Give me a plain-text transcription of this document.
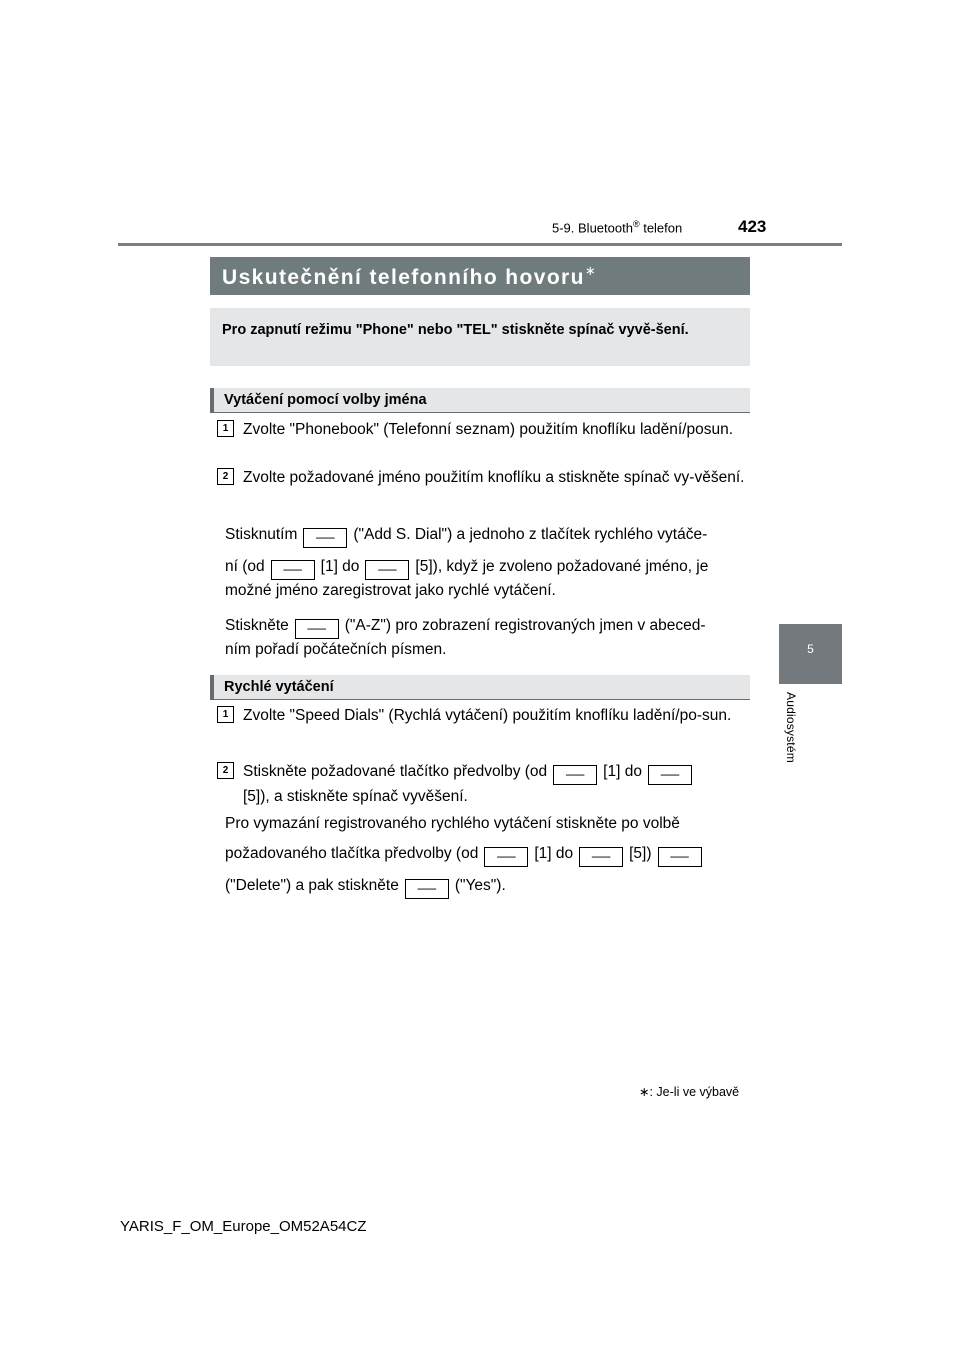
5-9. Bluetooth® telefon	423
5
Audiosystém
Uskutečnění telefonního hovoru∗
Pro zapnutí režimu "Phone" nebo "TEL" stiskněte spínač vyvě-šení.
Vytáčení pomocí volby jména
1 Zvolte "Phonebook" (Telefonní seznam) použitím knoflíku ladění/posun.
2 Zvolte požadované jméno použitím knoflíku a stiskněte spínač vy-věšení.
Stisknutím ── ("Add S. Dial") a jednoho z tlačítek rychlého vytáče-
ní (od ── [1] do ── [5]), když je zvoleno požadované jméno, je
možné jméno zaregistrovat jako rychlé vytáčení.
Stiskněte ── ("A-Z") pro zobrazení registrovaných jmen v abeced-
ním pořadí počátečních písmen.
Rychlé vytáčení
1 Zvolte "Speed Dials" (Rychlá vytáčení) použitím knoflíku ladění/po-sun.
2 Stiskněte požadované tlačítko předvolby (od ── [1] do ──
[5]), a stiskněte spínač vyvěšení.
Pro vymazání registrovaného rychlého vytáčení stiskněte po volbě
požadovaného tlačítka předvolby (od ── [1] do ── [5]) ──
("Delete") a pak stiskněte ── ("Yes").
∗: Je-li ve výbavě
YARIS_F_OM_Europe_OM52A54CZ
